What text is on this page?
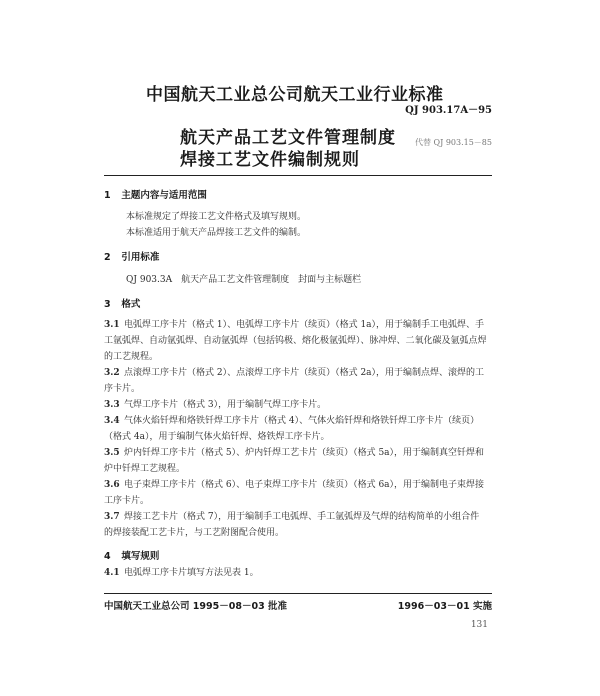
中国航天工业总公司航天工业行业标准
QJ 903.17A－95
航天产品工艺文件管理制度
焊接工艺文件编制规则
代替 QJ 903.15－85
1 主题内容与适用范围
本标准规定了焊接工艺文件格式及填写规则。
本标准适用于航天产品焊接工艺文件的编制。
2 引用标准
QJ 903.3A　航天产品工艺文件管理制度　封面与主标题栏
3 格式
3.1 电弧焊工序卡片（格式 1）、电弧焊工序卡片（续页）（格式 1a），用于编制手工电弧焊、手工氩弧焊、自动氩弧焊、自动氩弧焊（包括钨极、熔化极氩弧焊）、脉冲焊、二氧化碳及氩弧点焊的工艺规程。
3.2 点滚焊工序卡片（格式 2）、点滚焊工序卡片（续页）（格式 2a），用于编制点焊、滚焊的工序卡片。
3.3 气焊工序卡片（格式 3），用于编制气焊工序卡片。
3.4 气体火焰钎焊和烙铁钎焊工序卡片（格式 4）、气体火焰钎焊和烙铁钎焊工序卡片（续页）（格式 4a），用于编制气体火焰钎焊、烙铁焊工序卡片。
3.5 炉内钎焊工序卡片（格式 5）、炉内钎焊工艺卡片（续页）（格式 5a），用于编制真空钎焊和炉中钎焊工艺规程。
3.6 电子束焊工序卡片（格式 6）、电子束焊工序卡片（续页）（格式 6a），用于编制电子束焊接工序卡片。
3.7 焊接工艺卡片（格式 7），用于编制手工电弧焊、手工氩弧焊及气焊的结构简单的小组合件的焊接装配工艺卡片，与工艺附图配合使用。
4 填写规则
4.1 电弧焊工序卡片填写方法见表 1。
中国航天工业总公司 1995－08－03 批准	1996－03－01 实施
131
